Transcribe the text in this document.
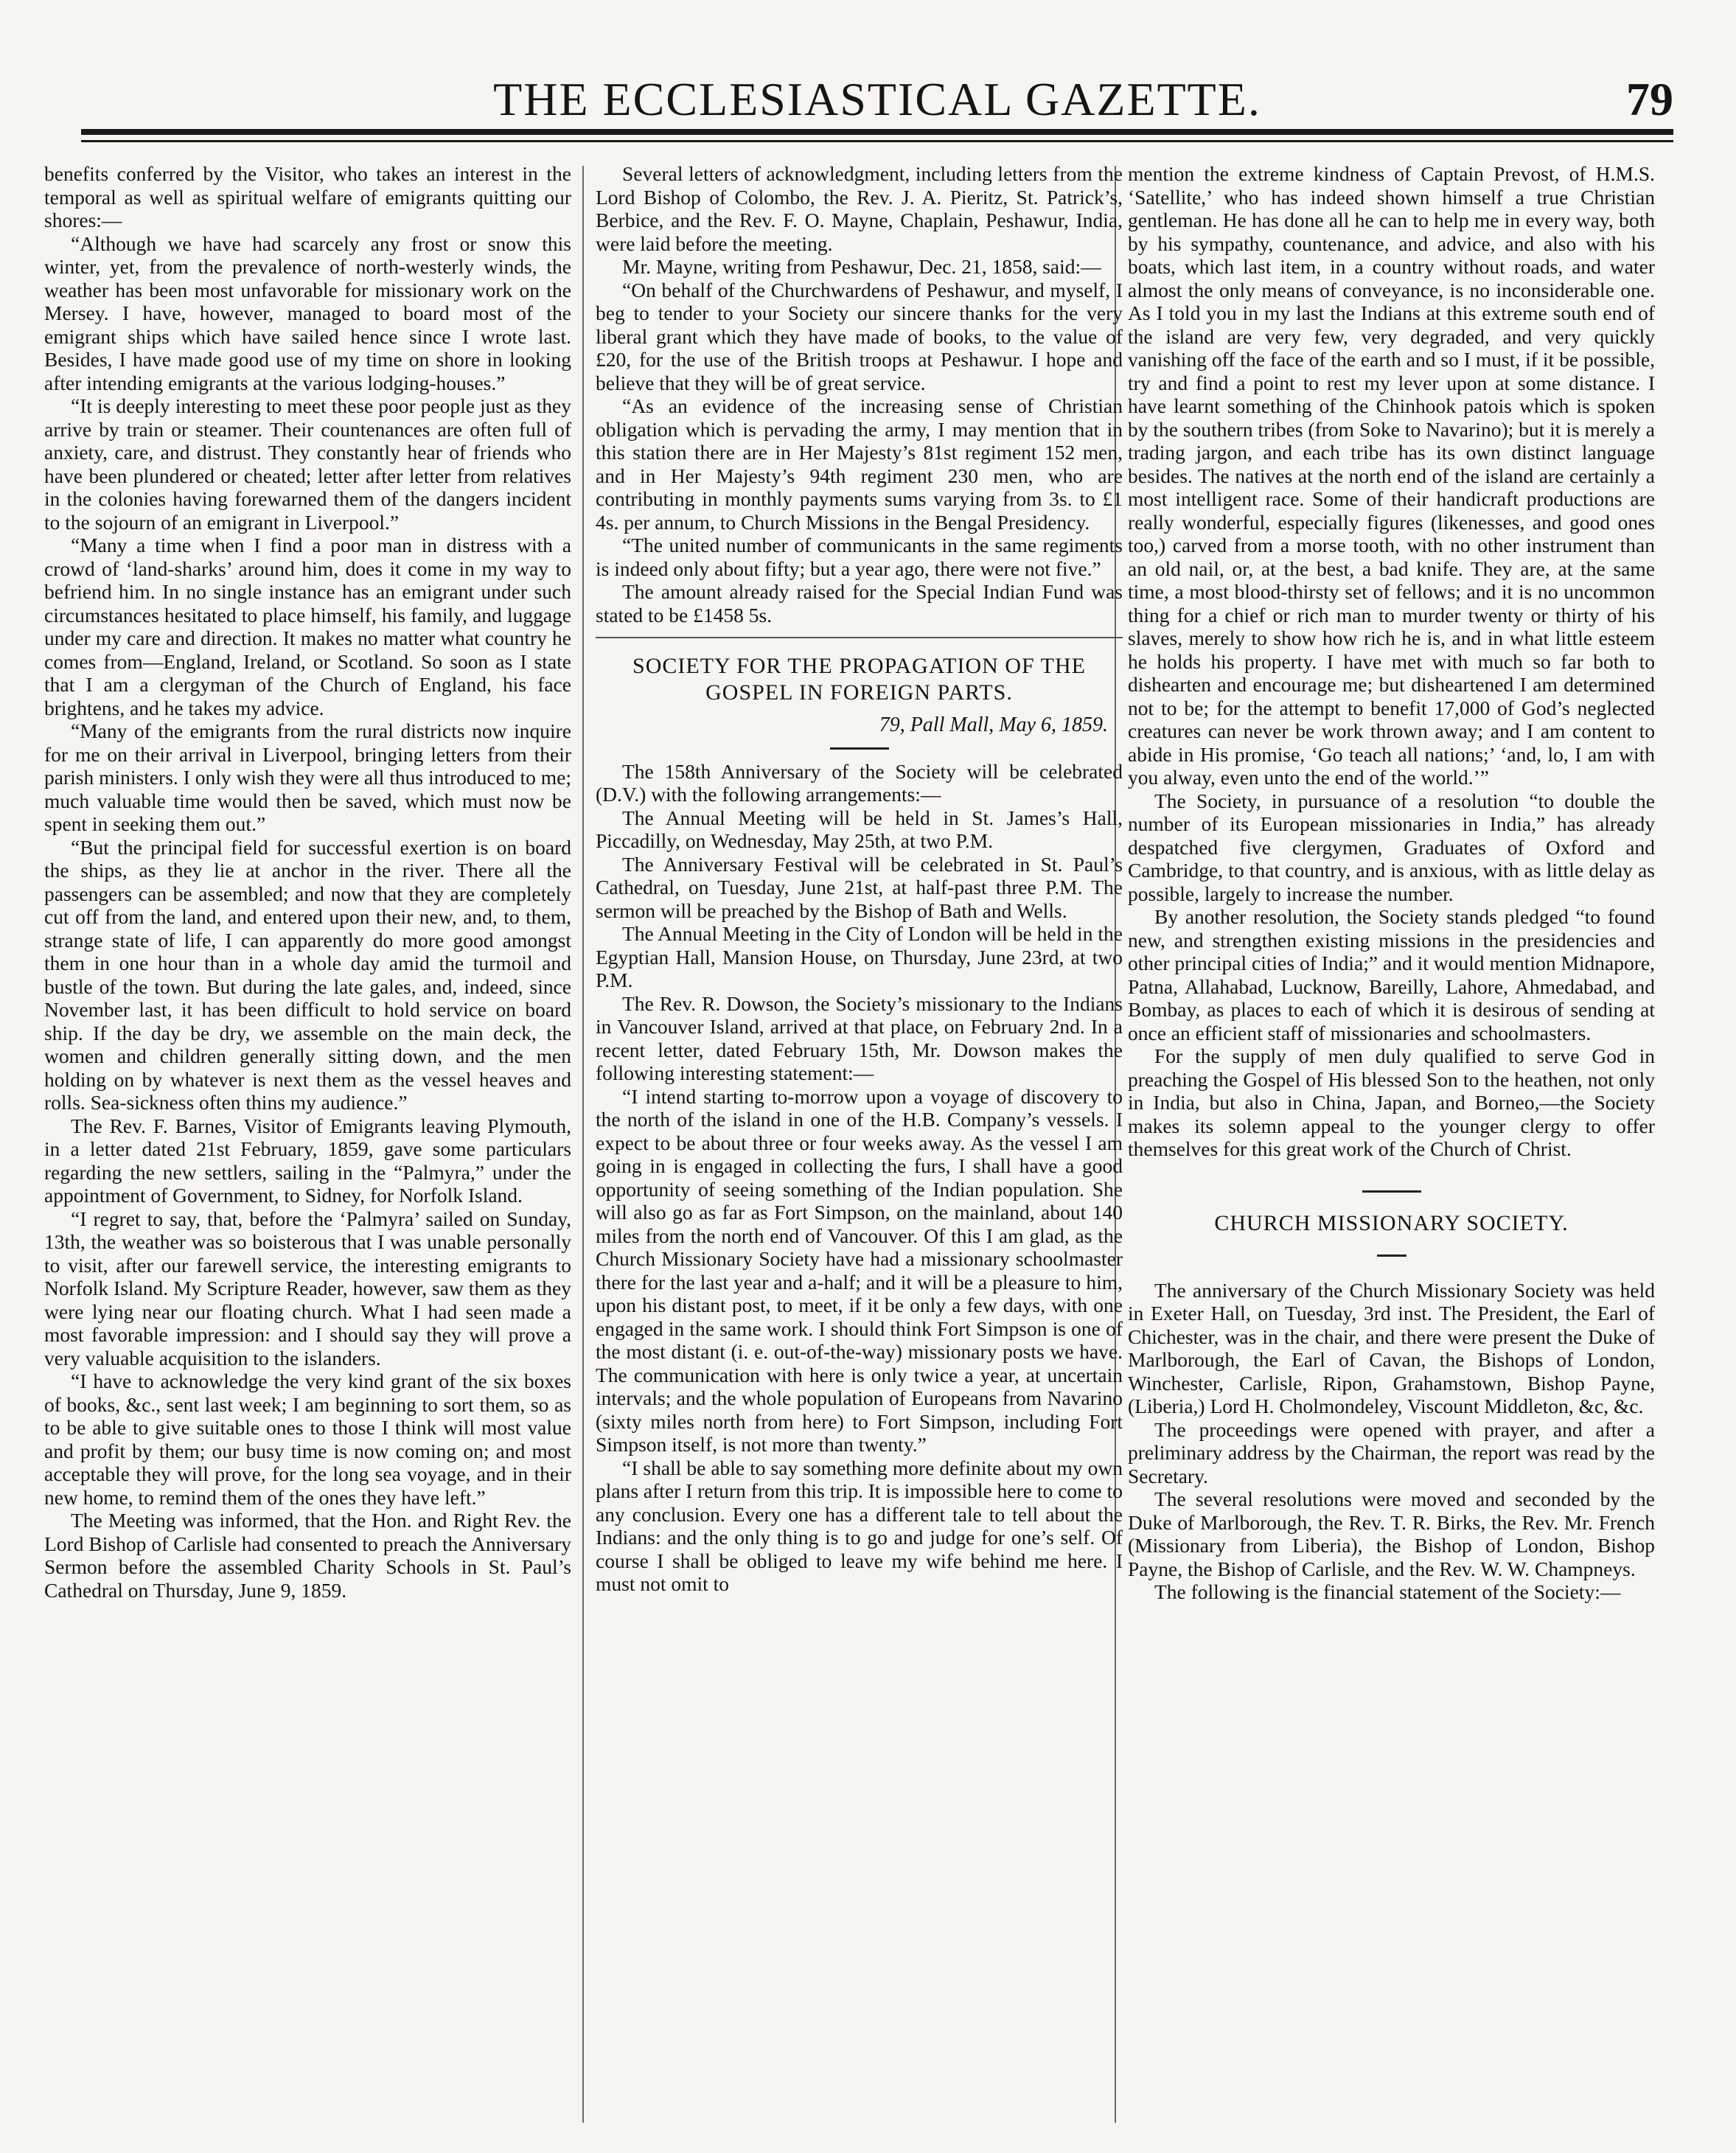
THE ECCLESIASTICAL GAZETTE.	79

benefits conferred by the Visitor, who takes an interest in the temporal as well as spiritual welfare of emigrants quitting our shores:—

“Although we have had scarcely any frost or snow this winter, yet, from the prevalence of north-westerly winds, the weather has been most unfavorable for missionary work on the Mersey. I have, however, managed to board most of the emigrant ships which have sailed hence since I wrote last. Besides, I have made good use of my time on shore in looking after intending emigrants at the various lodging-houses.”

“It is deeply interesting to meet these poor people just as they arrive by train or steamer. Their countenances are often full of anxiety, care, and distrust. They constantly hear of friends who have been plundered or cheated; letter after letter from relatives in the colonies having forewarned them of the dangers incident to the sojourn of an emigrant in Liverpool.”

“Many a time when I find a poor man in distress with a crowd of ‘land-sharks’ around him, does it come in my way to befriend him. In no single instance has an emigrant under such circumstances hesitated to place himself, his family, and luggage under my care and direction. It makes no matter what country he comes from—England, Ireland, or Scotland. So soon as I state that I am a clergyman of the Church of England, his face brightens, and he takes my advice.

“Many of the emigrants from the rural districts now inquire for me on their arrival in Liverpool, bringing letters from their parish ministers. I only wish they were all thus introduced to me; much valuable time would then be saved, which must now be spent in seeking them out.”

“But the principal field for successful exertion is on board the ships, as they lie at anchor in the river. There all the passengers can be assembled; and now that they are completely cut off from the land, and entered upon their new, and, to them, strange state of life, I can apparently do more good amongst them in one hour than in a whole day amid the turmoil and bustle of the town. But during the late gales, and, indeed, since November last, it has been difficult to hold service on board ship. If the day be dry, we assemble on the main deck, the women and children generally sitting down, and the men holding on by whatever is next them as the vessel heaves and rolls. Sea-sickness often thins my audience.”

The Rev. F. Barnes, Visitor of Emigrants leaving Plymouth, in a letter dated 21st February, 1859, gave some particulars regarding the new settlers, sailing in the “Palmyra,” under the appointment of Government, to Sidney, for Norfolk Island.

“I regret to say, that, before the ‘Palmyra’ sailed on Sunday, 13th, the weather was so boisterous that I was unable personally to visit, after our farewell service, the interesting emigrants to Norfolk Island. My Scripture Reader, however, saw them as they were lying near our floating church. What I had seen made a most favorable impression: and I should say they will prove a very valuable acquisition to the islanders.

“I have to acknowledge the very kind grant of the six boxes of books, &c., sent last week; I am beginning to sort them, so as to be able to give suitable ones to those I think will most value and profit by them; our busy time is now coming on; and most acceptable they will prove, for the long sea voyage, and in their new home, to remind them of the ones they have left.”

The Meeting was informed, that the Hon. and Right Rev. the Lord Bishop of Carlisle had consented to preach the Anniversary Sermon before the assembled Charity Schools in St. Paul’s Cathedral on Thursday, June 9, 1859.

Several letters of acknowledgment, including letters from the Lord Bishop of Colombo, the Rev. J. A. Pieritz, St. Patrick’s, Berbice, and the Rev. F. O. Mayne, Chaplain, Peshawur, India, were laid before the meeting.

Mr. Mayne, writing from Peshawur, Dec. 21, 1858, said:—

“On behalf of the Churchwardens of Peshawur, and myself, I beg to tender to your Society our sincere thanks for the very liberal grant which they have made of books, to the value of £20, for the use of the British troops at Peshawur. I hope and believe that they will be of great service.

“As an evidence of the increasing sense of Christian obligation which is pervading the army, I may mention that in this station there are in Her Majesty’s 81st regiment 152 men, and in Her Majesty’s 94th regiment 230 men, who are contributing in monthly payments sums varying from 3s. to £1 4s. per annum, to Church Missions in the Bengal Presidency.

“The united number of communicants in the same regiments is indeed only about fifty; but a year ago, there were not five.”

The amount already raised for the Special Indian Fund was stated to be £1458 5s.

SOCIETY FOR THE PROPAGATION OF THE GOSPEL IN FOREIGN PARTS.
79, Pall Mall, May 6, 1859.

The 158th Anniversary of the Society will be celebrated (D.V.) with the following arrangements:—

The Annual Meeting will be held in St. James’s Hall, Piccadilly, on Wednesday, May 25th, at two P.M.

The Anniversary Festival will be celebrated in St. Paul’s Cathedral, on Tuesday, June 21st, at half-past three P.M. The sermon will be preached by the Bishop of Bath and Wells.

The Annual Meeting in the City of London will be held in the Egyptian Hall, Mansion House, on Thursday, June 23rd, at two P.M.

The Rev. R. Dowson, the Society’s missionary to the Indians in Vancouver Island, arrived at that place, on February 2nd. In a recent letter, dated February 15th, Mr. Dowson makes the following interesting statement:—

“I intend starting to-morrow upon a voyage of discovery to the north of the island in one of the H.B. Company’s vessels. I expect to be about three or four weeks away. As the vessel I am going in is engaged in collecting the furs, I shall have a good opportunity of seeing something of the Indian population. She will also go as far as Fort Simpson, on the mainland, about 140 miles from the north end of Vancouver. Of this I am glad, as the Church Missionary Society have had a missionary schoolmaster there for the last year and a-half; and it will be a pleasure to him, upon his distant post, to meet, if it be only a few days, with one engaged in the same work. I should think Fort Simpson is one of the most distant (i. e. out-of-the-way) missionary posts we have. The communication with here is only twice a year, at uncertain intervals; and the whole population of Europeans from Navarino (sixty miles north from here) to Fort Simpson, including Fort Simpson itself, is not more than twenty.”

“I shall be able to say something more definite about my own plans after I return from this trip. It is impossible here to come to any conclusion. Every one has a different tale to tell about the Indians: and the only thing is to go and judge for one’s self. Of course I shall be obliged to leave my wife behind me here. I must not omit to

mention the extreme kindness of Captain Prevost, of H.M.S. ‘Satellite,’ who has indeed shown himself a true Christian gentleman. He has done all he can to help me in every way, both by his sympathy, countenance, and advice, and also with his boats, which last item, in a country without roads, and water almost the only means of conveyance, is no inconsiderable one. As I told you in my last the Indians at this extreme south end of the island are very few, very degraded, and very quickly vanishing off the face of the earth and so I must, if it be possible, try and find a point to rest my lever upon at some distance. I have learnt something of the Chinhook patois which is spoken by the southern tribes (from Soke to Navarino); but it is merely a trading jargon, and each tribe has its own distinct language besides. The natives at the north end of the island are certainly a most intelligent race. Some of their handicraft productions are really wonderful, especially figures (likenesses, and good ones too,) carved from a morse tooth, with no other instrument than an old nail, or, at the best, a bad knife. They are, at the same time, a most blood-thirsty set of fellows; and it is no uncommon thing for a chief or rich man to murder twenty or thirty of his slaves, merely to show how rich he is, and in what little esteem he holds his property. I have met with much so far both to dishearten and encourage me; but disheartened I am determined not to be; for the attempt to benefit 17,000 of God’s neglected creatures can never be work thrown away; and I am content to abide in His promise, ‘Go teach all nations;’ ‘and, lo, I am with you alway, even unto the end of the world.’”

The Society, in pursuance of a resolution “to double the number of its European missionaries in India,” has already despatched five clergymen, Graduates of Oxford and Cambridge, to that country, and is anxious, with as little delay as possible, largely to increase the number.

By another resolution, the Society stands pledged “to found new, and strengthen existing missions in the presidencies and other principal cities of India;” and it would mention Midnapore, Patna, Allahabad, Lucknow, Bareilly, Lahore, Ahmedabad, and Bombay, as places to each of which it is desirous of sending at once an efficient staff of missionaries and schoolmasters.

For the supply of men duly qualified to serve God in preaching the Gospel of His blessed Son to the heathen, not only in India, but also in China, Japan, and Borneo,—the Society makes its solemn appeal to the younger clergy to offer themselves for this great work of the Church of Christ.

CHURCH MISSIONARY SOCIETY.

The anniversary of the Church Missionary Society was held in Exeter Hall, on Tuesday, 3rd inst. The President, the Earl of Chichester, was in the chair, and there were present the Duke of Marlborough, the Earl of Cavan, the Bishops of London, Winchester, Carlisle, Ripon, Grahamstown, Bishop Payne, (Liberia,) Lord H. Cholmondeley, Viscount Middleton, &c, &c.

The proceedings were opened with prayer, and after a preliminary address by the Chairman, the report was read by the Secretary.

The several resolutions were moved and seconded by the Duke of Marlborough, the Rev. T. R. Birks, the Rev. Mr. French (Missionary from Liberia), the Bishop of London, Bishop Payne, the Bishop of Carlisle, and the Rev. W. W. Champneys.

The following is the financial statement of the Society:—
